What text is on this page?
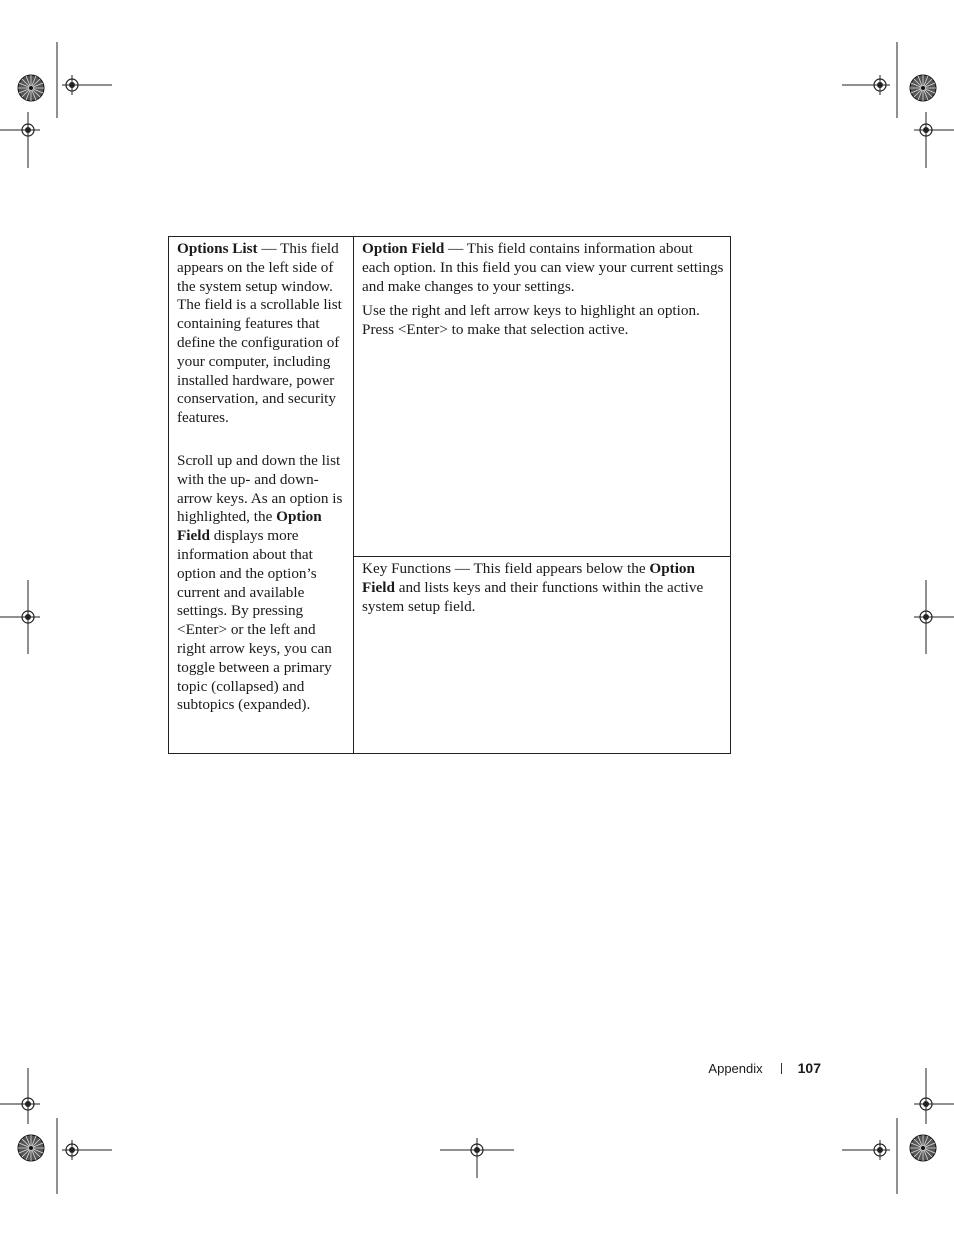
Options List — This field appears on the left side of the system setup window. The field is a scrollable list containing features that define the configuration of your computer, including installed hardware, power conservation, and security features.

Scroll up and down the list with the up- and down-arrow keys. As an option is highlighted, the Option Field displays more information about that option and the option’s current and available settings. By pressing <Enter> or the left and right arrow keys, you can toggle between a primary topic (collapsed) and subtopics (expanded).

Option Field — This field contains information about each option. In this field you can view your current settings and make changes to your settings.

Use the right and left arrow keys to highlight an option. Press <Enter> to make that selection active.

Key Functions — This field appears below the Option Field and lists keys and their functions within the active system setup field.

Appendix	107
